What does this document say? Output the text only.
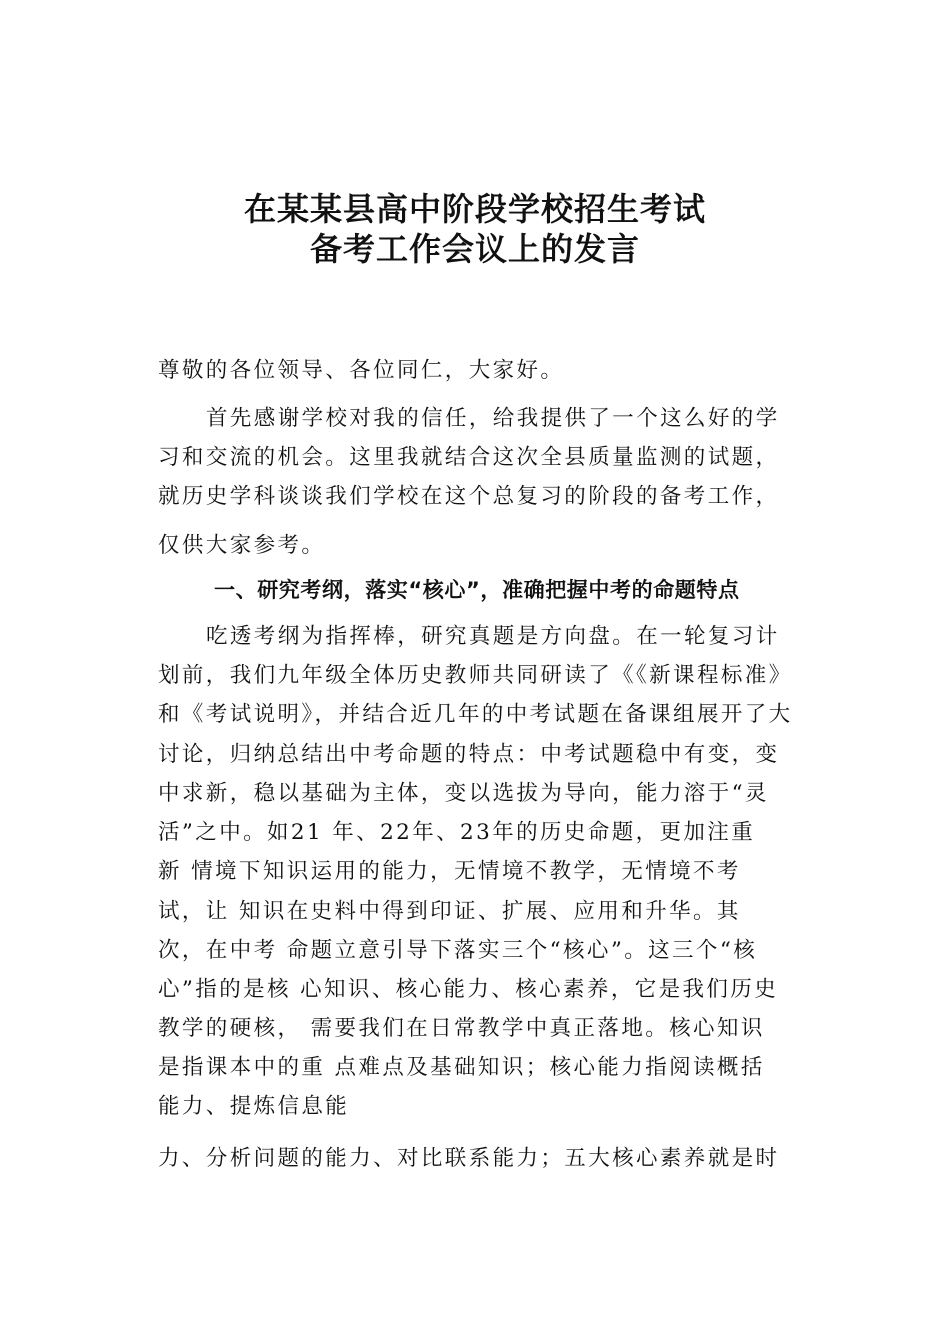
在某某县高中阶段学校招生考试
备考工作会议上的发言
尊敬的各位领导、各位同仁，大家好。
首先感谢学校对我的信任，给我提供了一个这么好的学
习和交流的机会。这里我就结合这次全县质量监测的试题，
就历史学科谈谈我们学校在这个总复习的阶段的备考工作，
仅供大家参考。
一、研究考纲，落实“核心”，准确把握中考的命题特点
吃透考纲为指挥棒，研究真题是方向盘。在一轮复习计
划前，我们九年级全体历史教师共同研读了《《新课程标准》
和《考试说明》，并结合近几年的中考试题在备课组展开了大
讨论，归纳总结出中考命题的特点：中考试题稳中有变，变
中求新，稳以基础为主体，变以选拔为导向，能力溶于“灵
活”之中。如21 年、22年、23年的历史命题，更加注重
新 情境下知识运用的能力，无情境不教学，无情境不考
试，让 知识在史料中得到印证、扩展、应用和升华。其
次，在中考 命题立意引导下落实三个“核心”。这三个“核
心”指的是核 心知识、核心能力、核心素养，它是我们历史
教学的硬核， 需要我们在日常教学中真正落地。核心知识
是指课本中的重 点难点及基础知识；核心能力指阅读概括
能力、提炼信息能
力、分析问题的能力、对比联系能力；五大核心素养就是时
